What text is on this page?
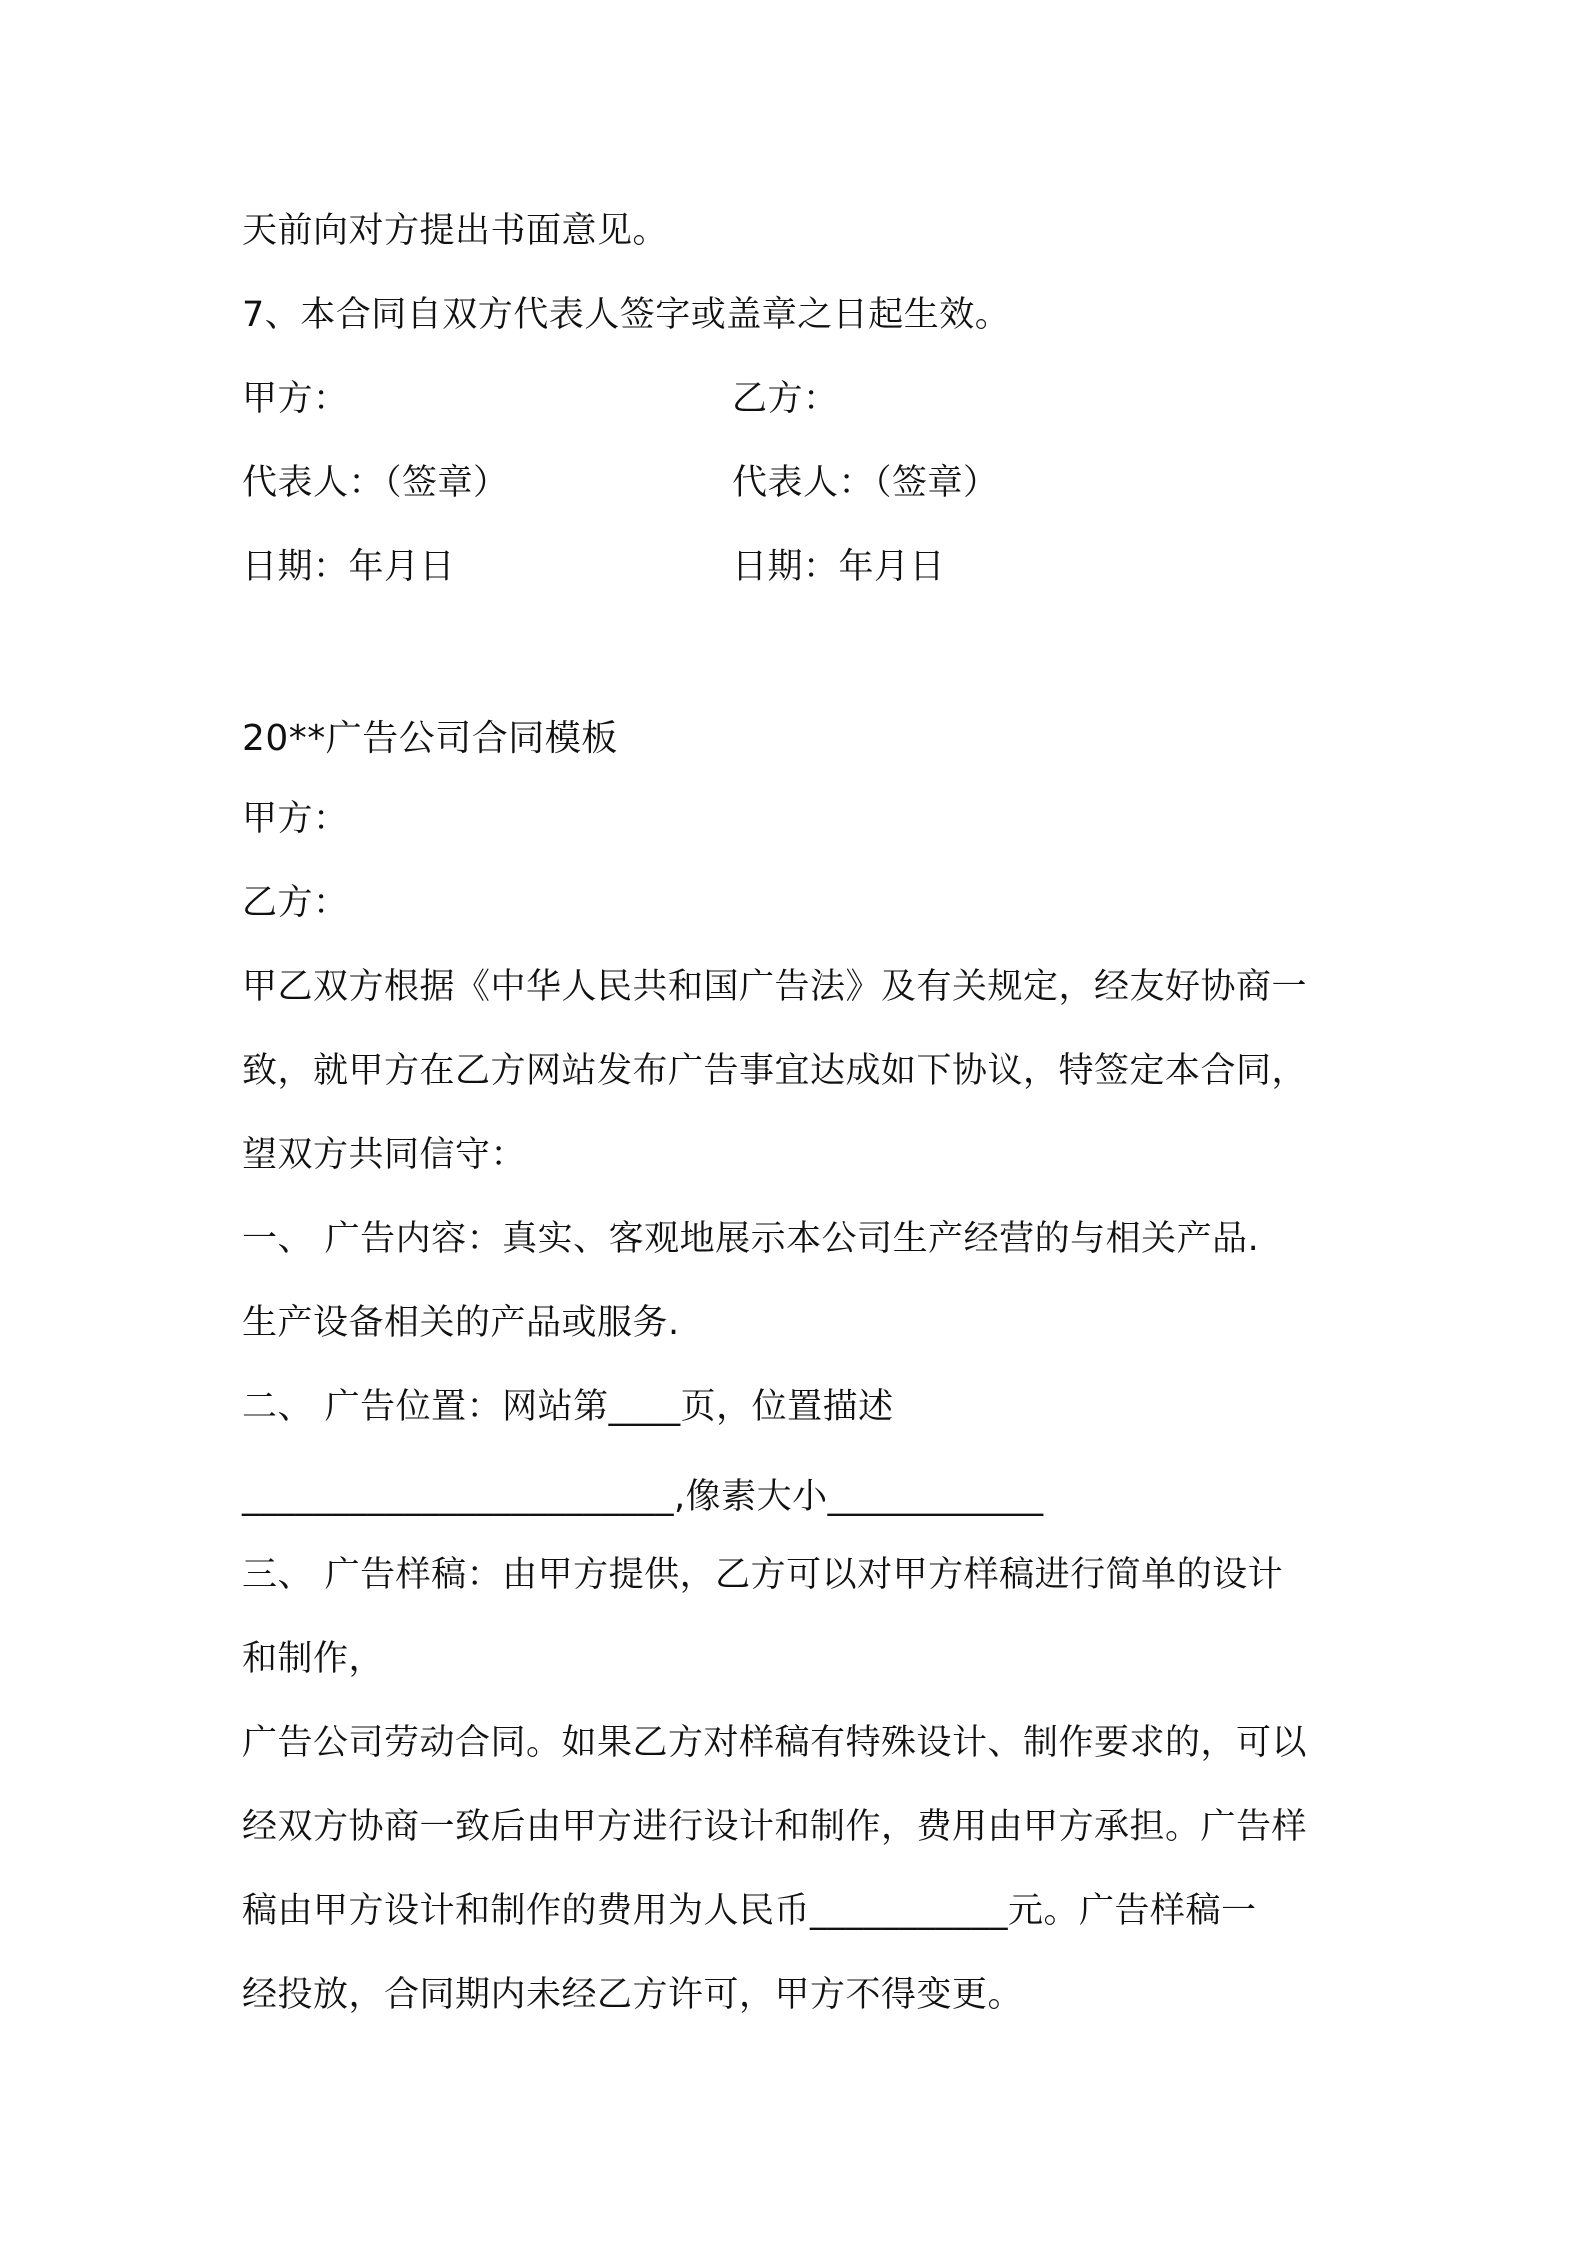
天前向对方提出书面意见。
7、本合同自双方代表人签字或盖章之日起生效。
甲方：	乙方：
代表人：（签章）	代表人：（签章）
日期：年月日	日期：年月日
20**广告公司合同模板
甲方：
乙方：
甲乙双方根据《中华人民共和国广告法》及有关规定，经友好协商一
致，就甲方在乙方网站发布广告事宜达成如下协议，特签定本合同，
望双方共同信守：
一、 广告内容：真实、客观地展示本公司生产经营的与相关产品.
生产设备相关的产品或服务.
二、 广告位置：网站第____页，位置描述
________________________,像素大小____________
三、 广告样稿：由甲方提供，乙方可以对甲方样稿进行简单的设计
和制作，
广告公司劳动合同。如果乙方对样稿有特殊设计、制作要求的，可以
经双方协商一致后由甲方进行设计和制作，费用由甲方承担。广告样
稿由甲方设计和制作的费用为人民币___________元。广告样稿一
经投放，合同期内未经乙方许可，甲方不得变更。
